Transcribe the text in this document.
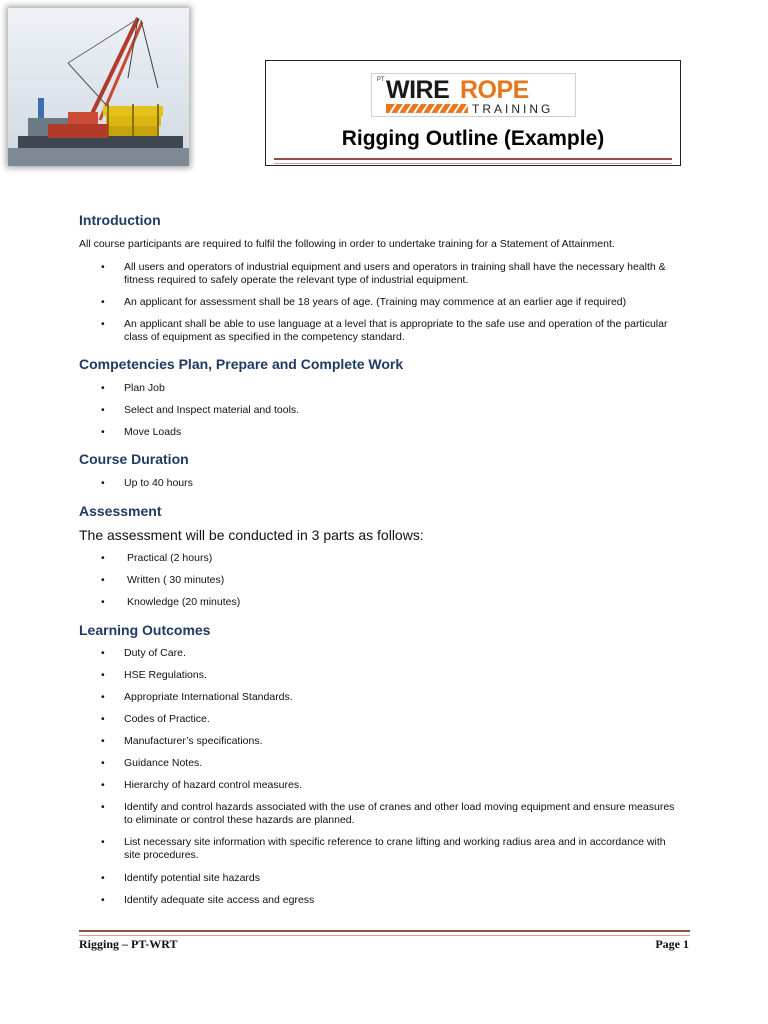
PT WIRE ROPE
TRAINING
Rigging Outline (Example)
Introduction

All course participants are required to fulfil the following in order to undertake training for a Statement of Attainment.

• All users and operators of industrial equipment and users and operators in training shall have the necessary health & fitness required to safely operate the relevant type of industrial equipment.
• An applicant for assessment shall be 18 years of age. (Training may commence at an earlier age if required)
• An applicant shall be able to use language at a level that is appropriate to the safe use and operation of the particular class of equipment as specified in the competency standard.
Competencies Plan, Prepare and Complete Work
• Plan Job
• Select and Inspect material and tools.
• Move Loads
Course Duration
• Up to 40 hours
Assessment

The assessment will be conducted in 3 parts as follows:

• Practical (2 hours)
• Written ( 30 minutes)
• Knowledge (20 minutes)
Learning Outcomes
• Duty of Care.
• HSE Regulations.
• Appropriate International Standards.
• Codes of Practice.
• Manufacturer’s specifications.
• Guidance Notes.
• Hierarchy of hazard control measures.
• Identify and control hazards associated with the use of cranes and other load moving equipment and ensure measures to eliminate or control these hazards are planned.
• List necessary site information with specific reference to crane lifting and working radius area and in accordance with site procedures.
• Identify potential site hazards
• Identify adequate site access and egress
Rigging – PT-WRT	Page 1
